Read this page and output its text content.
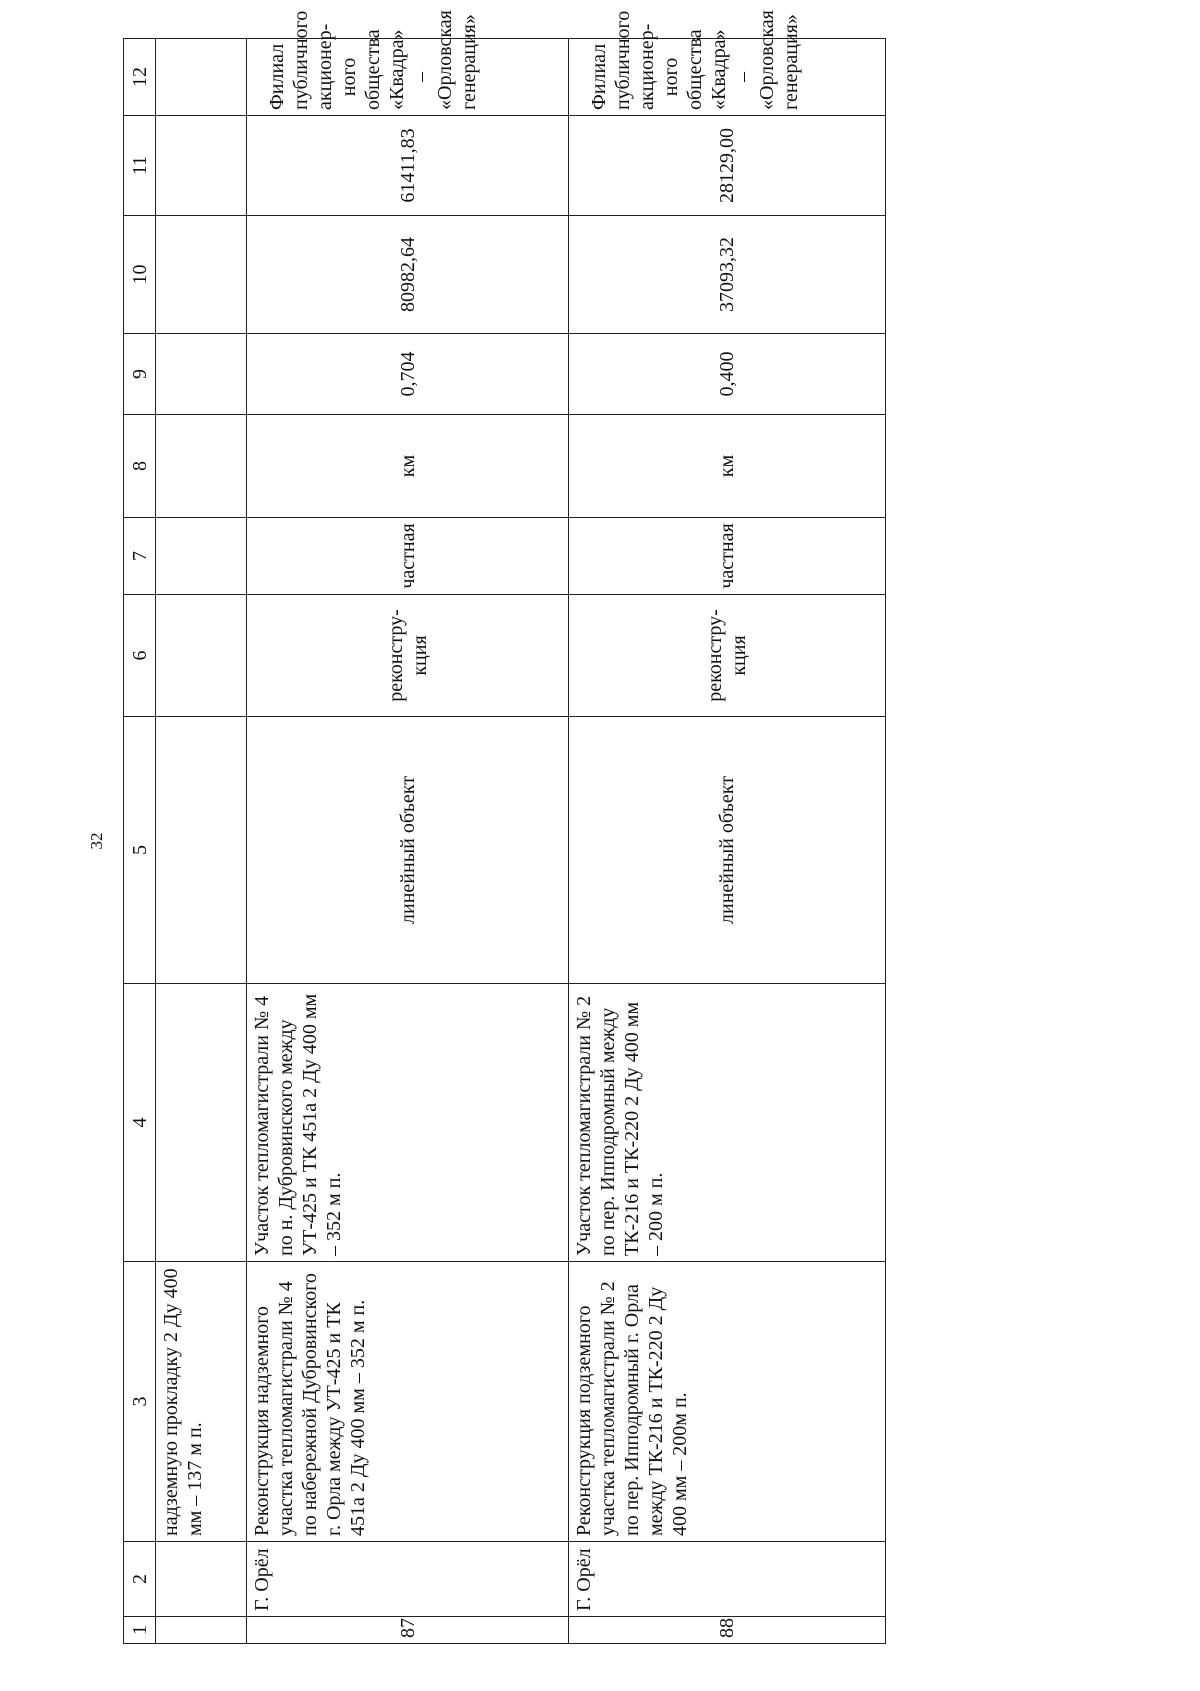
32
1	2	3	4	5	6	7	8	9	10	11	12
		надземную прокладку 2 Ду 400 мм – 137 м п.									
87	Г. Орёл	Реконструкция надземного участка тепломагистрали № 4 по набережной Дубровинского г. Орла между УТ-425 и ТК 451а 2 Ду 400 мм – 352 м п.	Участок тепломагистрали № 4 по н. Дубровинского между УТ-425 и ТК 451а 2 Ду 400 мм – 352 м п.	линейный объект	реконструкция	частная	км	0,704	80982,64	61411,83	Филиал публичного акционерного общества «Квадра» – «Орловская генерация»
88	Г. Орёл	Реконструкция подземного участка тепломагистрали № 2 по пер. Ипподромный г. Орла между ТК-216 и ТК-220 2 Ду 400 мм – 200м п.	Участок тепломагистрали № 2 по пер. Ипподромный между ТК-216 и ТК-220 2 Ду 400 мм – 200 м п.	линейный объект	реконструкция	частная	км	0,400	37093,32	28129,00	Филиал публичного акционерного общества «Квадра» – «Орловская генерация»
